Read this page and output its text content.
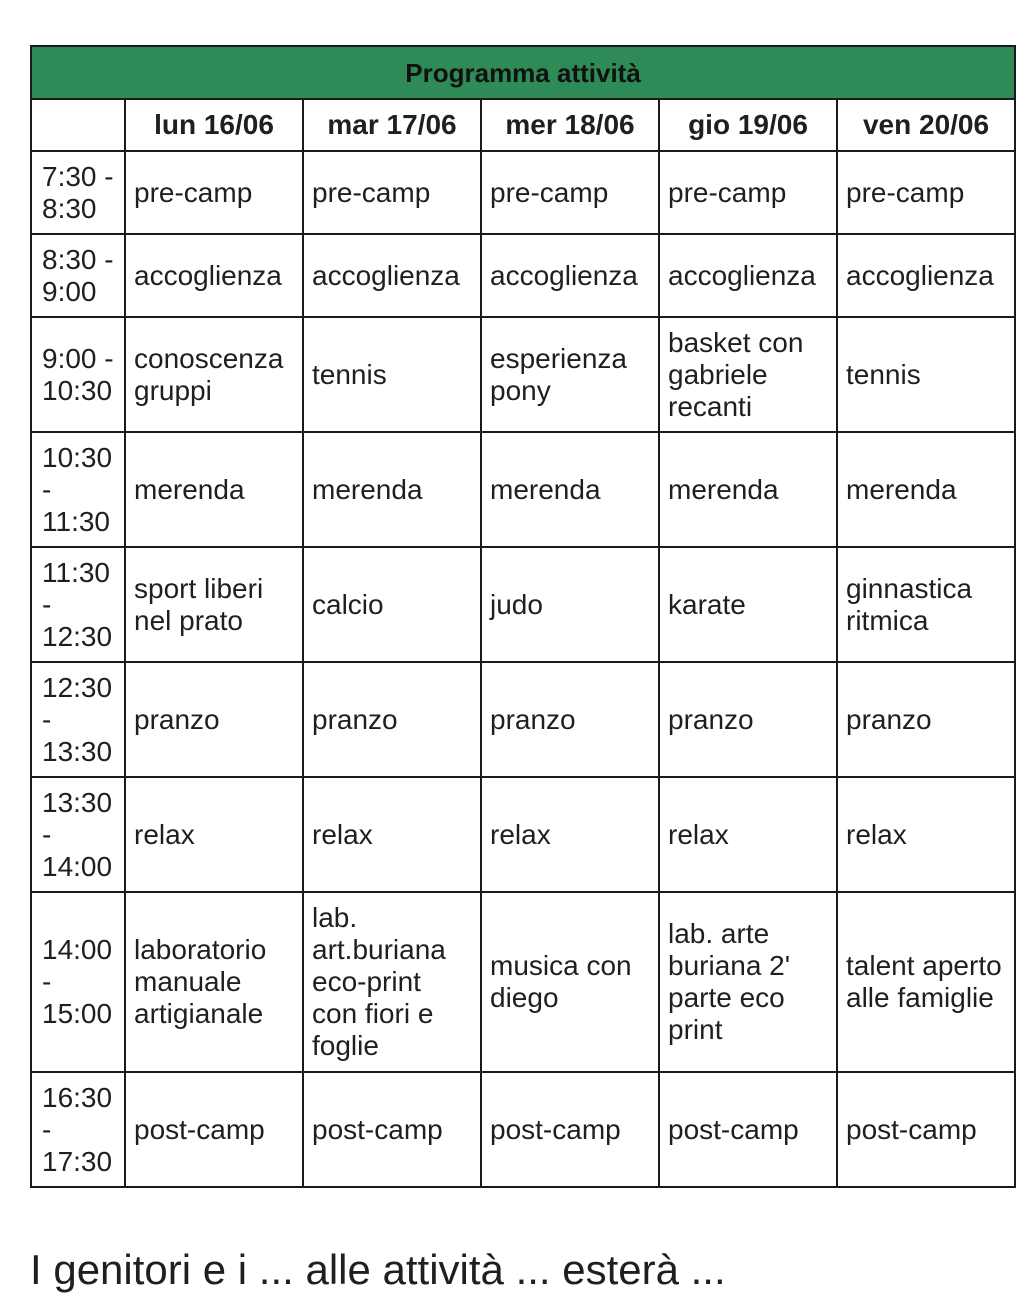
Programma attività					
	lun 16/06	mar 17/06	mer 18/06	gio 19/06	ven 20/06
7:30 - 8:30	pre-camp	pre-camp	pre-camp	pre-camp	pre-camp
8:30 - 9:00	accoglienza	accoglienza	accoglienza	accoglienza	accoglienza
9:00 - 10:30	conoscenza gruppi	tennis	esperienza pony	basket con gabriele recanti	tennis
10:30 - 11:30	merenda	merenda	merenda	merenda	merenda
11:30 - 12:30	sport liberi nel prato	calcio	judo	karate	ginnastica ritmica
12:30 - 13:30	pranzo	pranzo	pranzo	pranzo	pranzo
13:30 - 14:00	relax	relax	relax	relax	relax
14:00 - 15:00	laboratorio manuale artigianale	lab. art.buriana eco-print con fiori e foglie	musica con diego	lab. arte buriana 2' parte eco print	talent aperto alle famiglie
16:30 - 17:30	post-camp	post-camp	post-camp	post-camp	post-camp
I genitori e i ... alle attività ... esterà ...
